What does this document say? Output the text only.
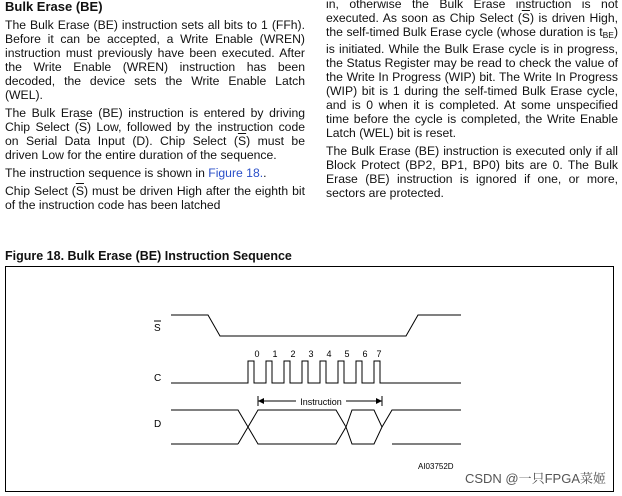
Bulk Erase (BE)

The Bulk Erase (BE) instruction sets all bits to 1 (FFh). Before it can be accepted, a Write Enable (WREN) instruction must previously have been executed. After the Write Enable (WREN) instruction has been decoded, the device sets the Write Enable Latch (WEL).

The Bulk Erase (BE) instruction is entered by driving Chip Select $(\overline{S})$ Low, followed by the instruction code on Serial Data Input (D). Chip Select $(\overline{S})$ must be driven Low for the entire duration of the sequence.

The instruction sequence is shown in Figure 18..

Chip Select $(\overline{S})$ must be driven High after the eighth bit of the instruction code has been latched

in, otherwise the Bulk Erase instruction is not executed. As soon as Chip Select $(\overline{S})$ is driven High, the self-timed Bulk Erase cycle (whose duration is $t_{BE}$) is initiated. While the Bulk Erase cycle is in progress, the Status Register may be read to check the value of the Write In Progress (WIP) bit. The Write In Progress (WIP) bit is 1 during the self-timed Bulk Erase cycle, and is 0 when it is completed. At some unspecified time before the cycle is completed, the Write Enable Latch (WEL) bit is reset.

The Bulk Erase (BE) instruction is executed only if all Block Protect (BP2, BP1, BP0) bits are 0. The Bulk Erase (BE) instruction is ignored if one, or more, sectors are protected.

Figure 18. Bulk Erase (BE) Instruction Sequence
S
C
D
0 1 2 3 4 5 6 7
Instruction
AI03752D
CSDN @一只FPGA菜姬
